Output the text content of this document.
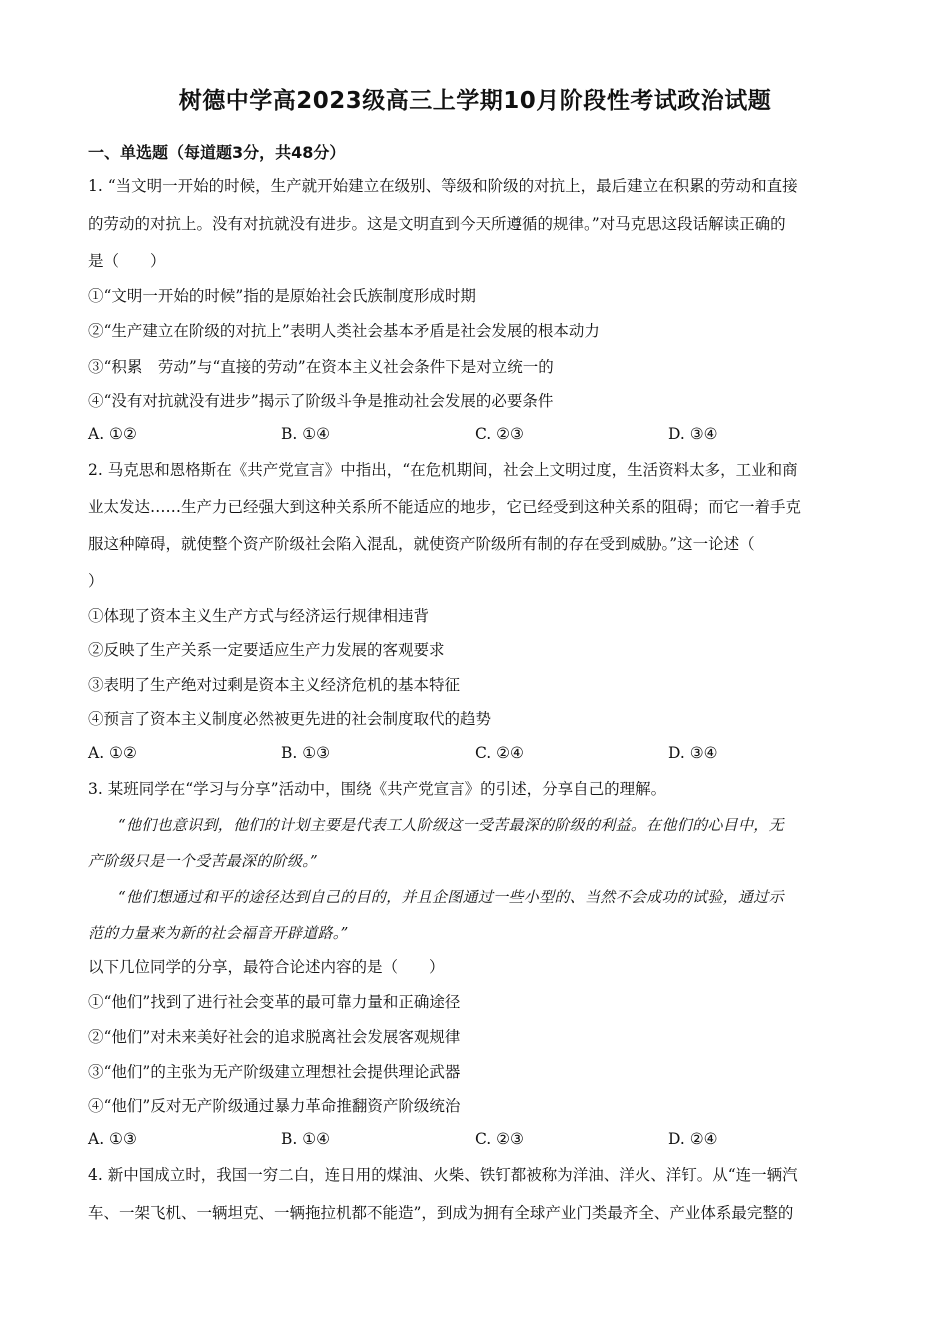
树德中学高2023级高三上学期10月阶段性考试政治试题
一、单选题（每道题3分，共48分）
1. “当文明一开始的时候，生产就开始建立在级别、等级和阶级的对抗上，最后建立在积累的劳动和直接
的劳动的对抗上。没有对抗就没有进步。这是文明直到今天所遵循的规律。”对马克思这段话解读正确的
是（　　）
①“文明一开始的时候”指的是原始社会氏族制度形成时期
②“生产建立在阶级的对抗上”表明人类社会基本矛盾是社会发展的根本动力
③“积累　劳动”与“直接的劳动”在资本主义社会条件下是对立统一的
④“没有对抗就没有进步”揭示了阶级斗争是推动社会发展的必要条件
A. ①②	B. ①④	C. ②③	D. ③④
2. 马克思和恩格斯在《共产党宣言》中指出，“在危机期间，社会上文明过度，生活资料太多，工业和商
业太发达……生产力已经强大到这种关系所不能适应的地步，它已经受到这种关系的阻碍；而它一着手克
服这种障碍，就使整个资产阶级社会陷入混乱，就使资产阶级所有制的存在受到威胁。”这一论述（
）
①体现了资本主义生产方式与经济运行规律相违背
②反映了生产关系一定要适应生产力发展的客观要求
③表明了生产绝对过剩是资本主义经济危机的基本特征
④预言了资本主义制度必然被更先进的社会制度取代的趋势
A. ①②	B. ①③	C. ②④	D. ③④
3. 某班同学在“学习与分享”活动中，围绕《共产党宣言》的引述，分享自己的理解。
“他们也意识到，他们的计划主要是代表工人阶级这一受苦最深的阶级的利益。在他们的心目中，无
产阶级只是一个受苦最深的阶级。”
“他们想通过和平的途径达到自己的目的，并且企图通过一些小型的、当然不会成功的试验，通过示
范的力量来为新的社会福音开辟道路。”
以下几位同学的分享，最符合论述内容的是（　　）
①“他们”找到了进行社会变革的最可靠力量和正确途径
②“他们”对未来美好社会的追求脱离社会发展客观规律
③“他们”的主张为无产阶级建立理想社会提供理论武器
④“他们”反对无产阶级通过暴力革命推翻资产阶级统治
A. ①③	B. ①④	C. ②③	D. ②④
4. 新中国成立时，我国一穷二白，连日用的煤油、火柴、铁钉都被称为洋油、洋火、洋钉。从“连一辆汽
车、一架飞机、一辆坦克、一辆拖拉机都不能造”，到成为拥有全球产业门类最齐全、产业体系最完整的
